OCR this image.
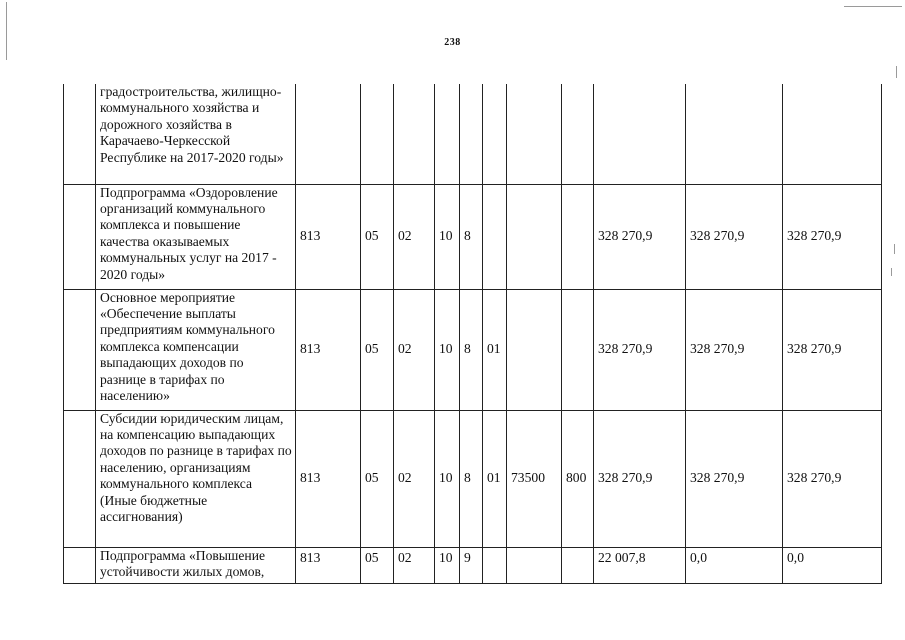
238
	градостроительства, жилищно-коммунального хозяйства и дорожного хозяйства в Карачаево-Черкесской Республике на 2017-2020 годы»											
	Подпрограмма «Оздоровление организаций коммунального комплекса и повышение качества оказываемых коммунальных услуг на 2017 - 2020 годы»	813	05	02	10	8				328 270,9	328 270,9	328 270,9
	Основное мероприятие «Обеспечение выплаты предприятиям коммунального комплекса компенсации выпадающих доходов по разнице в тарифах по населению»	813	05	02	10	8	01			328 270,9	328 270,9	328 270,9
	Субсидии юридическим лицам, на компенсацию выпадающих доходов по разнице в тарифах по населению, организациям коммунального комплекса (Иные бюджетные ассигнования)	813	05	02	10	8	01	73500	800	328 270,9	328 270,9	328 270,9
	Подпрограмма «Повышение устойчивости жилых домов,	813	05	02	10	9				22 007,8	0,0	0,0
